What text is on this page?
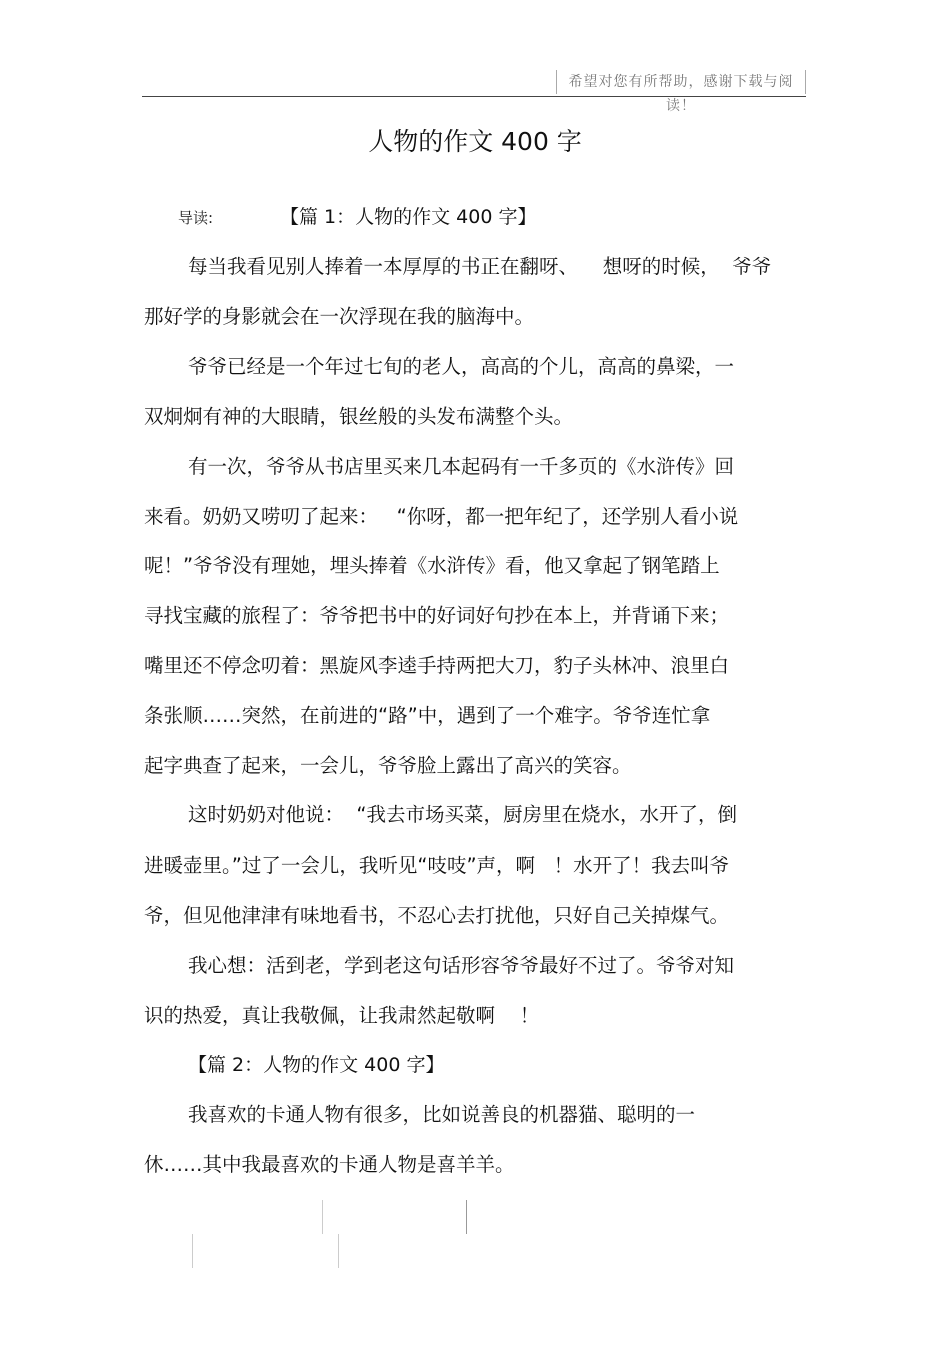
希望对您有所帮助，感谢下载与阅读！
人物的作文 400 字
导读:	【篇 1：人物的作文 400 字】
每当我看见别人捧着一本厚厚的书正在翻呀、    想呀的时候，  爷爷
那好学的身影就会在一次浮现在我的脑海中。
爷爷已经是一个年过七旬的老人，高高的个儿，高高的鼻梁，一
双炯炯有神的大眼睛，银丝般的头发布满整个头。
有一次，爷爷从书店里买来几本起码有一千多页的《水浒传》回
来看。奶奶又唠叨了起来：   “你呀，都一把年纪了，还学别人看小说
呢！”爷爷没有理她，埋头捧着《水浒传》看，他又拿起了钢笔踏上
寻找宝藏的旅程了：爷爷把书中的好词好句抄在本上，并背诵下来；
嘴里还不停念叨着：黑旋风李逵手持两把大刀，豹子头林冲、浪里白
条张顺……突然，在前进的“路”中，遇到了一个难字。爷爷连忙拿
起字典查了起来，一会儿，爷爷脸上露出了高兴的笑容。
这时奶奶对他说：  “我去市场买菜，厨房里在烧水，水开了，倒
进暖壶里。”过了一会儿，我听见“吱吱”声，啊   ！水开了！我去叫爷
爷，但见他津津有味地看书，不忍心去打扰他，只好自己关掉煤气。
我心想：活到老，学到老这句话形容爷爷最好不过了。爷爷对知
识的热爱，真让我敬佩，让我肃然起敬啊    ！
【篇 2：人物的作文 400 字】
我喜欢的卡通人物有很多，比如说善良的机器猫、聪明的一
休……其中我最喜欢的卡通人物是喜羊羊。
